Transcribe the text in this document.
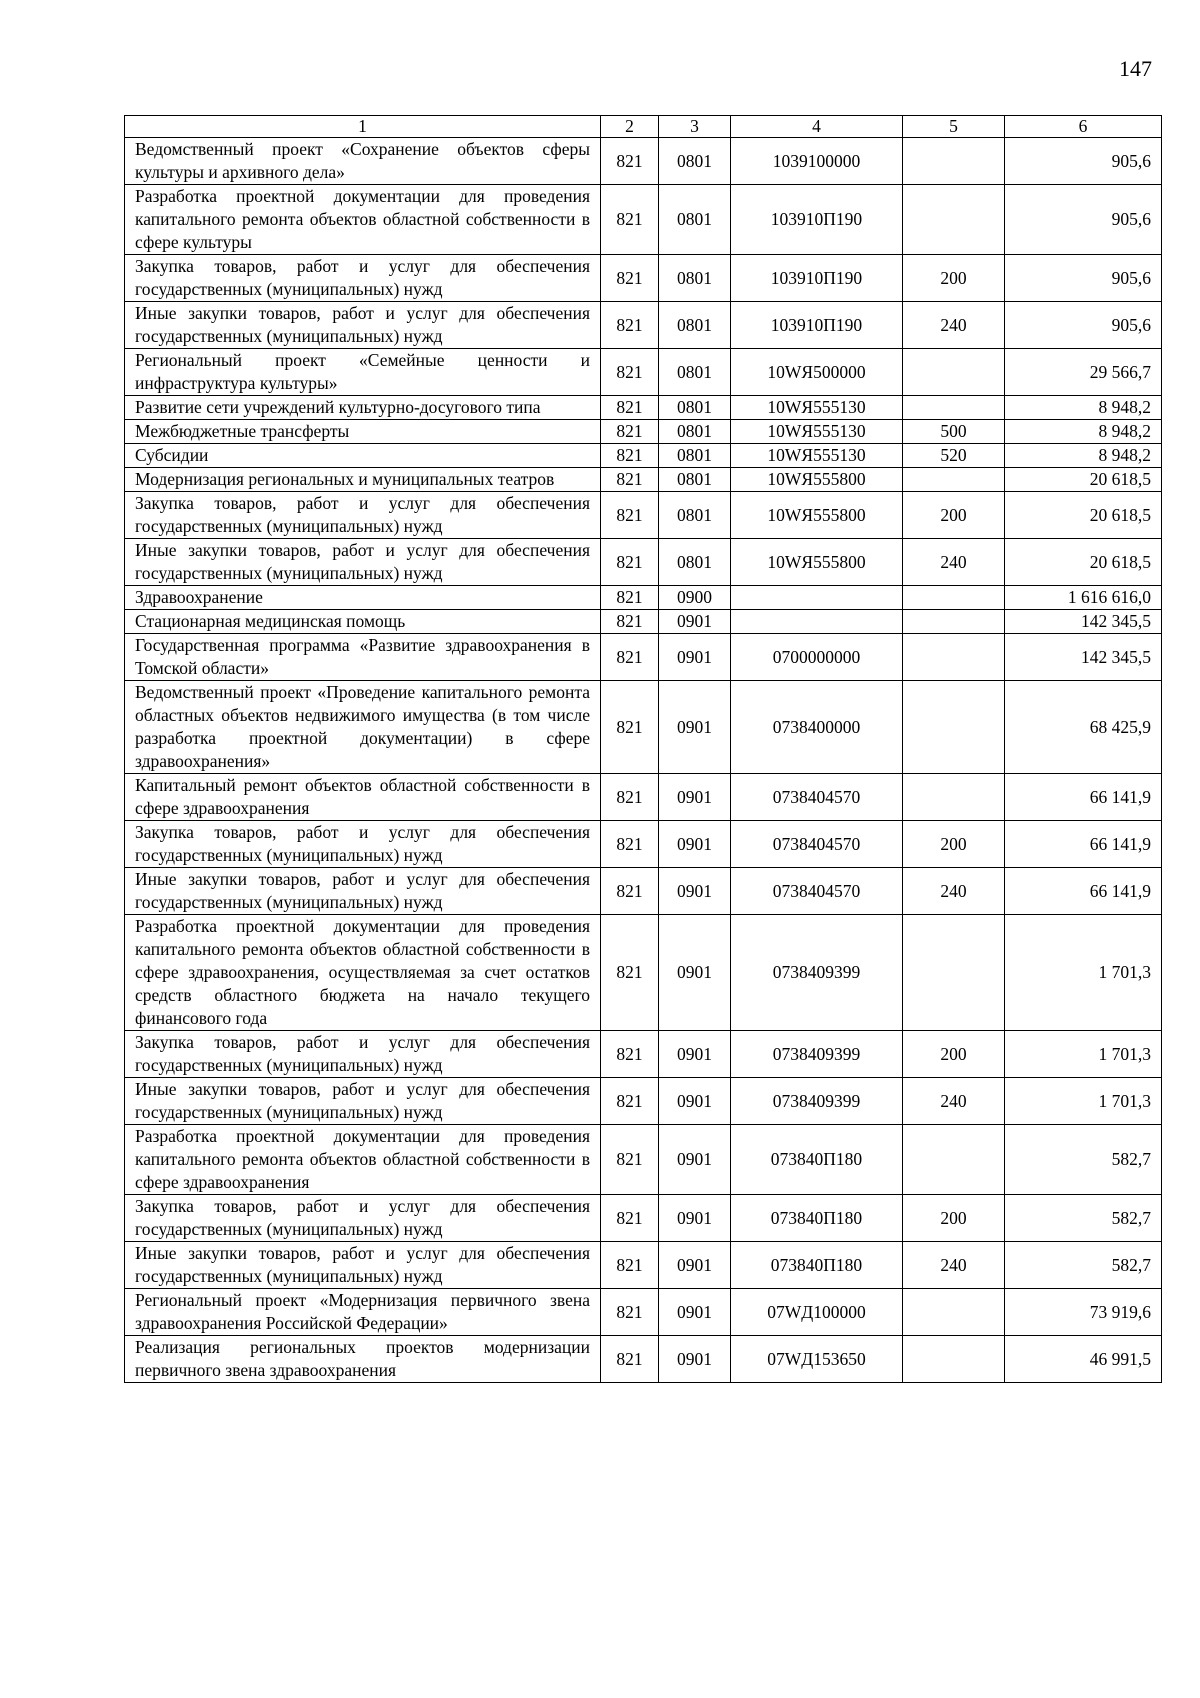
147
1	2	3	4	5	6
Ведомственный проект «Сохранение объектов сферы культуры и архивного дела»	821	0801	1039100000		905,6
Разработка проектной документации для проведения капитального ремонта объектов областной собственности в сфере культуры	821	0801	103910П190		905,6
Закупка товаров, работ и услуг для обеспечения государственных (муниципальных) нужд	821	0801	103910П190	200	905,6
Иные закупки товаров, работ и услуг для обеспечения государственных (муниципальных) нужд	821	0801	103910П190	240	905,6
Региональный проект «Семейные ценности и инфраструктура культуры»	821	0801	10WЯ500000		29 566,7
Развитие сети учреждений культурно-досугового типа	821	0801	10WЯ555130		8 948,2
Межбюджетные трансферты	821	0801	10WЯ555130	500	8 948,2
Субсидии	821	0801	10WЯ555130	520	8 948,2
Модернизация региональных и муниципальных театров	821	0801	10WЯ555800		20 618,5
Закупка товаров, работ и услуг для обеспечения государственных (муниципальных) нужд	821	0801	10WЯ555800	200	20 618,5
Иные закупки товаров, работ и услуг для обеспечения государственных (муниципальных) нужд	821	0801	10WЯ555800	240	20 618,5
Здравоохранение	821	0900			1 616 616,0
Стационарная медицинская помощь	821	0901			142 345,5
Государственная программа «Развитие здравоохранения в Томской области»	821	0901	0700000000		142 345,5
Ведомственный проект «Проведение капитального ремонта областных объектов недвижимого имущества (в том числе разработка проектной документации) в сфере здравоохранения»	821	0901	0738400000		68 425,9
Капитальный ремонт объектов областной собственности в сфере здравоохранения	821	0901	0738404570		66 141,9
Закупка товаров, работ и услуг для обеспечения государственных (муниципальных) нужд	821	0901	0738404570	200	66 141,9
Иные закупки товаров, работ и услуг для обеспечения государственных (муниципальных) нужд	821	0901	0738404570	240	66 141,9
Разработка проектной документации для проведения капитального ремонта объектов областной собственности в сфере здравоохранения, осуществляемая за счет остатков средств областного бюджета на начало текущего финансового года	821	0901	0738409399		1 701,3
Закупка товаров, работ и услуг для обеспечения государственных (муниципальных) нужд	821	0901	0738409399	200	1 701,3
Иные закупки товаров, работ и услуг для обеспечения государственных (муниципальных) нужд	821	0901	0738409399	240	1 701,3
Разработка проектной документации для проведения капитального ремонта объектов областной собственности в сфере здравоохранения	821	0901	073840П180		582,7
Закупка товаров, работ и услуг для обеспечения государственных (муниципальных) нужд	821	0901	073840П180	200	582,7
Иные закупки товаров, работ и услуг для обеспечения государственных (муниципальных) нужд	821	0901	073840П180	240	582,7
Региональный проект «Модернизация первичного звена здравоохранения Российской Федерации»	821	0901	07WД100000		73 919,6
Реализация региональных проектов модернизации первичного звена здравоохранения	821	0901	07WД153650		46 991,5
